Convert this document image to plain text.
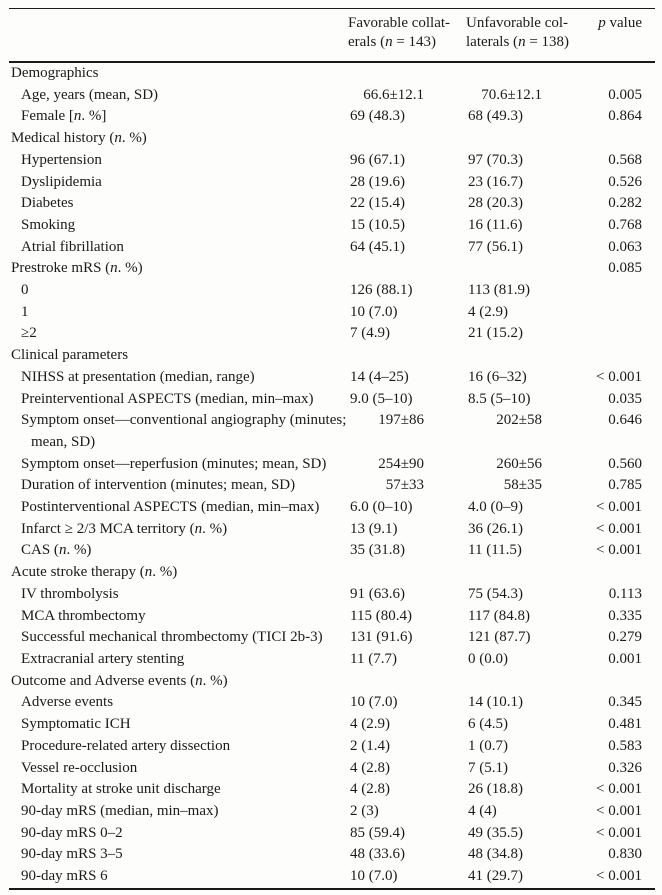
	Favorable collat-
erals (n = 143)	Unfavorable col-
laterals (n = 138)	p value
Demographics			
Age, years (mean, SD)	66.6±12.1	70.6±12.1	0.005
Female [n. %]	69 (48.3)	68 (49.3)	0.864
Medical history (n. %)			
Hypertension	96 (67.1)	97 (70.3)	0.568
Dyslipidemia	28 (19.6)	23 (16.7)	0.526
Diabetes	22 (15.4)	28 (20.3)	0.282
Smoking	15 (10.5)	16 (11.6)	0.768
Atrial fibrillation	64 (45.1)	77 (56.1)	0.063
Prestroke mRS (n. %)			0.085
0	126 (88.1)	113 (81.9)	
1	10 (7.0)	4 (2.9)	
≥2	7 (4.9)	21 (15.2)	
Clinical parameters			
NIHSS at presentation (median, range)	14 (4–25)	16 (6–32)	< 0.001
Preinterventional ASPECTS (median, min–max)	9.0 (5–10)	8.5 (5–10)	0.035
Symptom onset—conventional angiography (minutes;
mean, SD)	197±86	202±58	0.646
Symptom onset—reperfusion (minutes; mean, SD)	254±90	260±56	0.560
Duration of intervention (minutes; mean, SD)	57±33	58±35	0.785
Postinterventional ASPECTS (median, min–max)	6.0 (0–10)	4.0 (0–9)	< 0.001
Infarct ≥ 2/3 MCA territory (n. %)	13 (9.1)	36 (26.1)	< 0.001
CAS (n. %)	35 (31.8)	11 (11.5)	< 0.001
Acute stroke therapy (n. %)			
IV thrombolysis	91 (63.6)	75 (54.3)	0.113
MCA thrombectomy	115 (80.4)	117 (84.8)	0.335
Successful mechanical thrombectomy (TICI 2b-3)	131 (91.6)	121 (87.7)	0.279
Extracranial artery stenting	11 (7.7)	0 (0.0)	0.001
Outcome and Adverse events (n. %)			
Adverse events	10 (7.0)	14 (10.1)	0.345
Symptomatic ICH	4 (2.9)	6 (4.5)	0.481
Procedure-related artery dissection	2 (1.4)	1 (0.7)	0.583
Vessel re-occlusion	4 (2.8)	7 (5.1)	0.326
Mortality at stroke unit discharge	4 (2.8)	26 (18.8)	< 0.001
90-day mRS (median, min–max)	2 (3)	4 (4)	< 0.001
90-day mRS 0–2	85 (59.4)	49 (35.5)	< 0.001
90-day mRS 3–5	48 (33.6)	48 (34.8)	0.830
90-day mRS 6	10 (7.0)	41 (29.7)	< 0.001
